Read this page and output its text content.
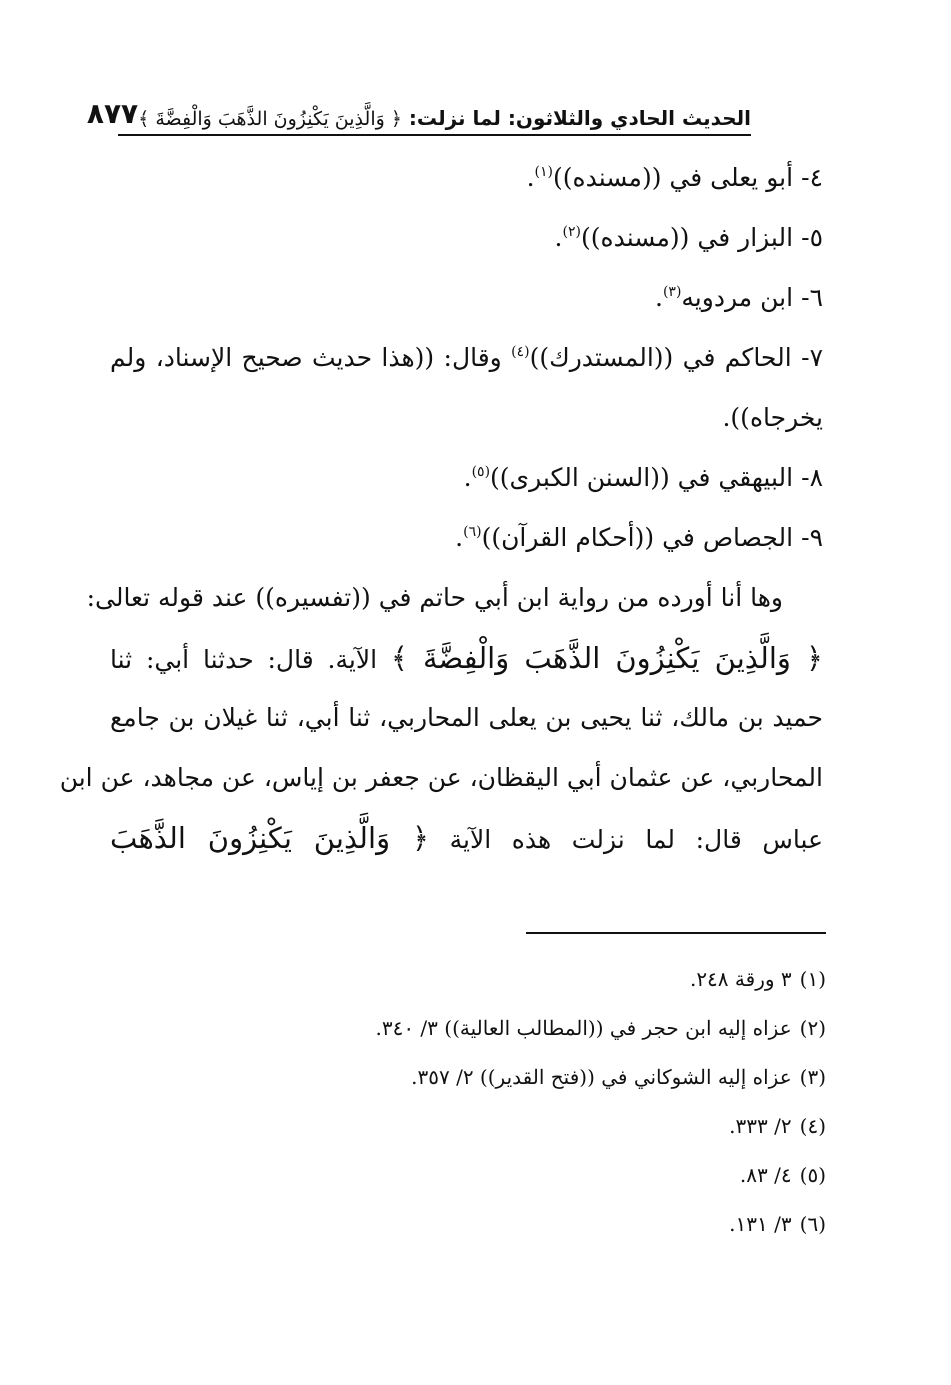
الحديث الحادي والثلاثون: لما نزلت: ﴿ وَالَّذِينَ يَكْنِزُونَ الذَّهَبَ وَالْفِضَّةَ ﴾
٨٧٧
٤- أبو يعلى في ((مسنده))$^{(١)}$.
٥- البزار في ((مسنده))$^{(٢)}$.
٦- ابن مردويه$^{(٣)}$.
٧- الحاكم في ((المستدرك))$^{(٤)}$ وقال: ((هذا حديث صحيح الإسناد، ولم
يخرجاه)).
٨- البيهقي في ((السنن الكبرى))$^{(٥)}$.
٩- الجصاص في ((أحكام القرآن))$^{(٦)}$.
وها أنا أورده من رواية ابن أبي حاتم في ((تفسيره)) عند قوله تعالى:
﴿ وَالَّذِينَ يَكْنِزُونَ الذَّهَبَ وَالْفِضَّةَ ﴾ الآية. قال: حدثنا أبي: ثنا
حميد بن مالك، ثنا يحيى بن يعلى المحاربي، ثنا أبي، ثنا غيلان بن جامع
المحاربي، عن عثمان أبي اليقظان، عن جعفر بن إياس، عن مجاهد، عن ابن
عباس قال: لما نزلت هذه الآية ﴿ وَالَّذِينَ يَكْنِزُونَ الذَّهَبَ
(١)٣ ورقة ٢٤٨.
(٢)عزاه إليه ابن حجر في ((المطالب العالية)) ٣/ ٣٤٠.
(٣)عزاه إليه الشوكاني في ((فتح القدير)) ٢/ ٣٥٧.
(٤)٢/ ٣٣٣.
(٥)٤/ ٨٣.
(٦)٣/ ١٣١.
